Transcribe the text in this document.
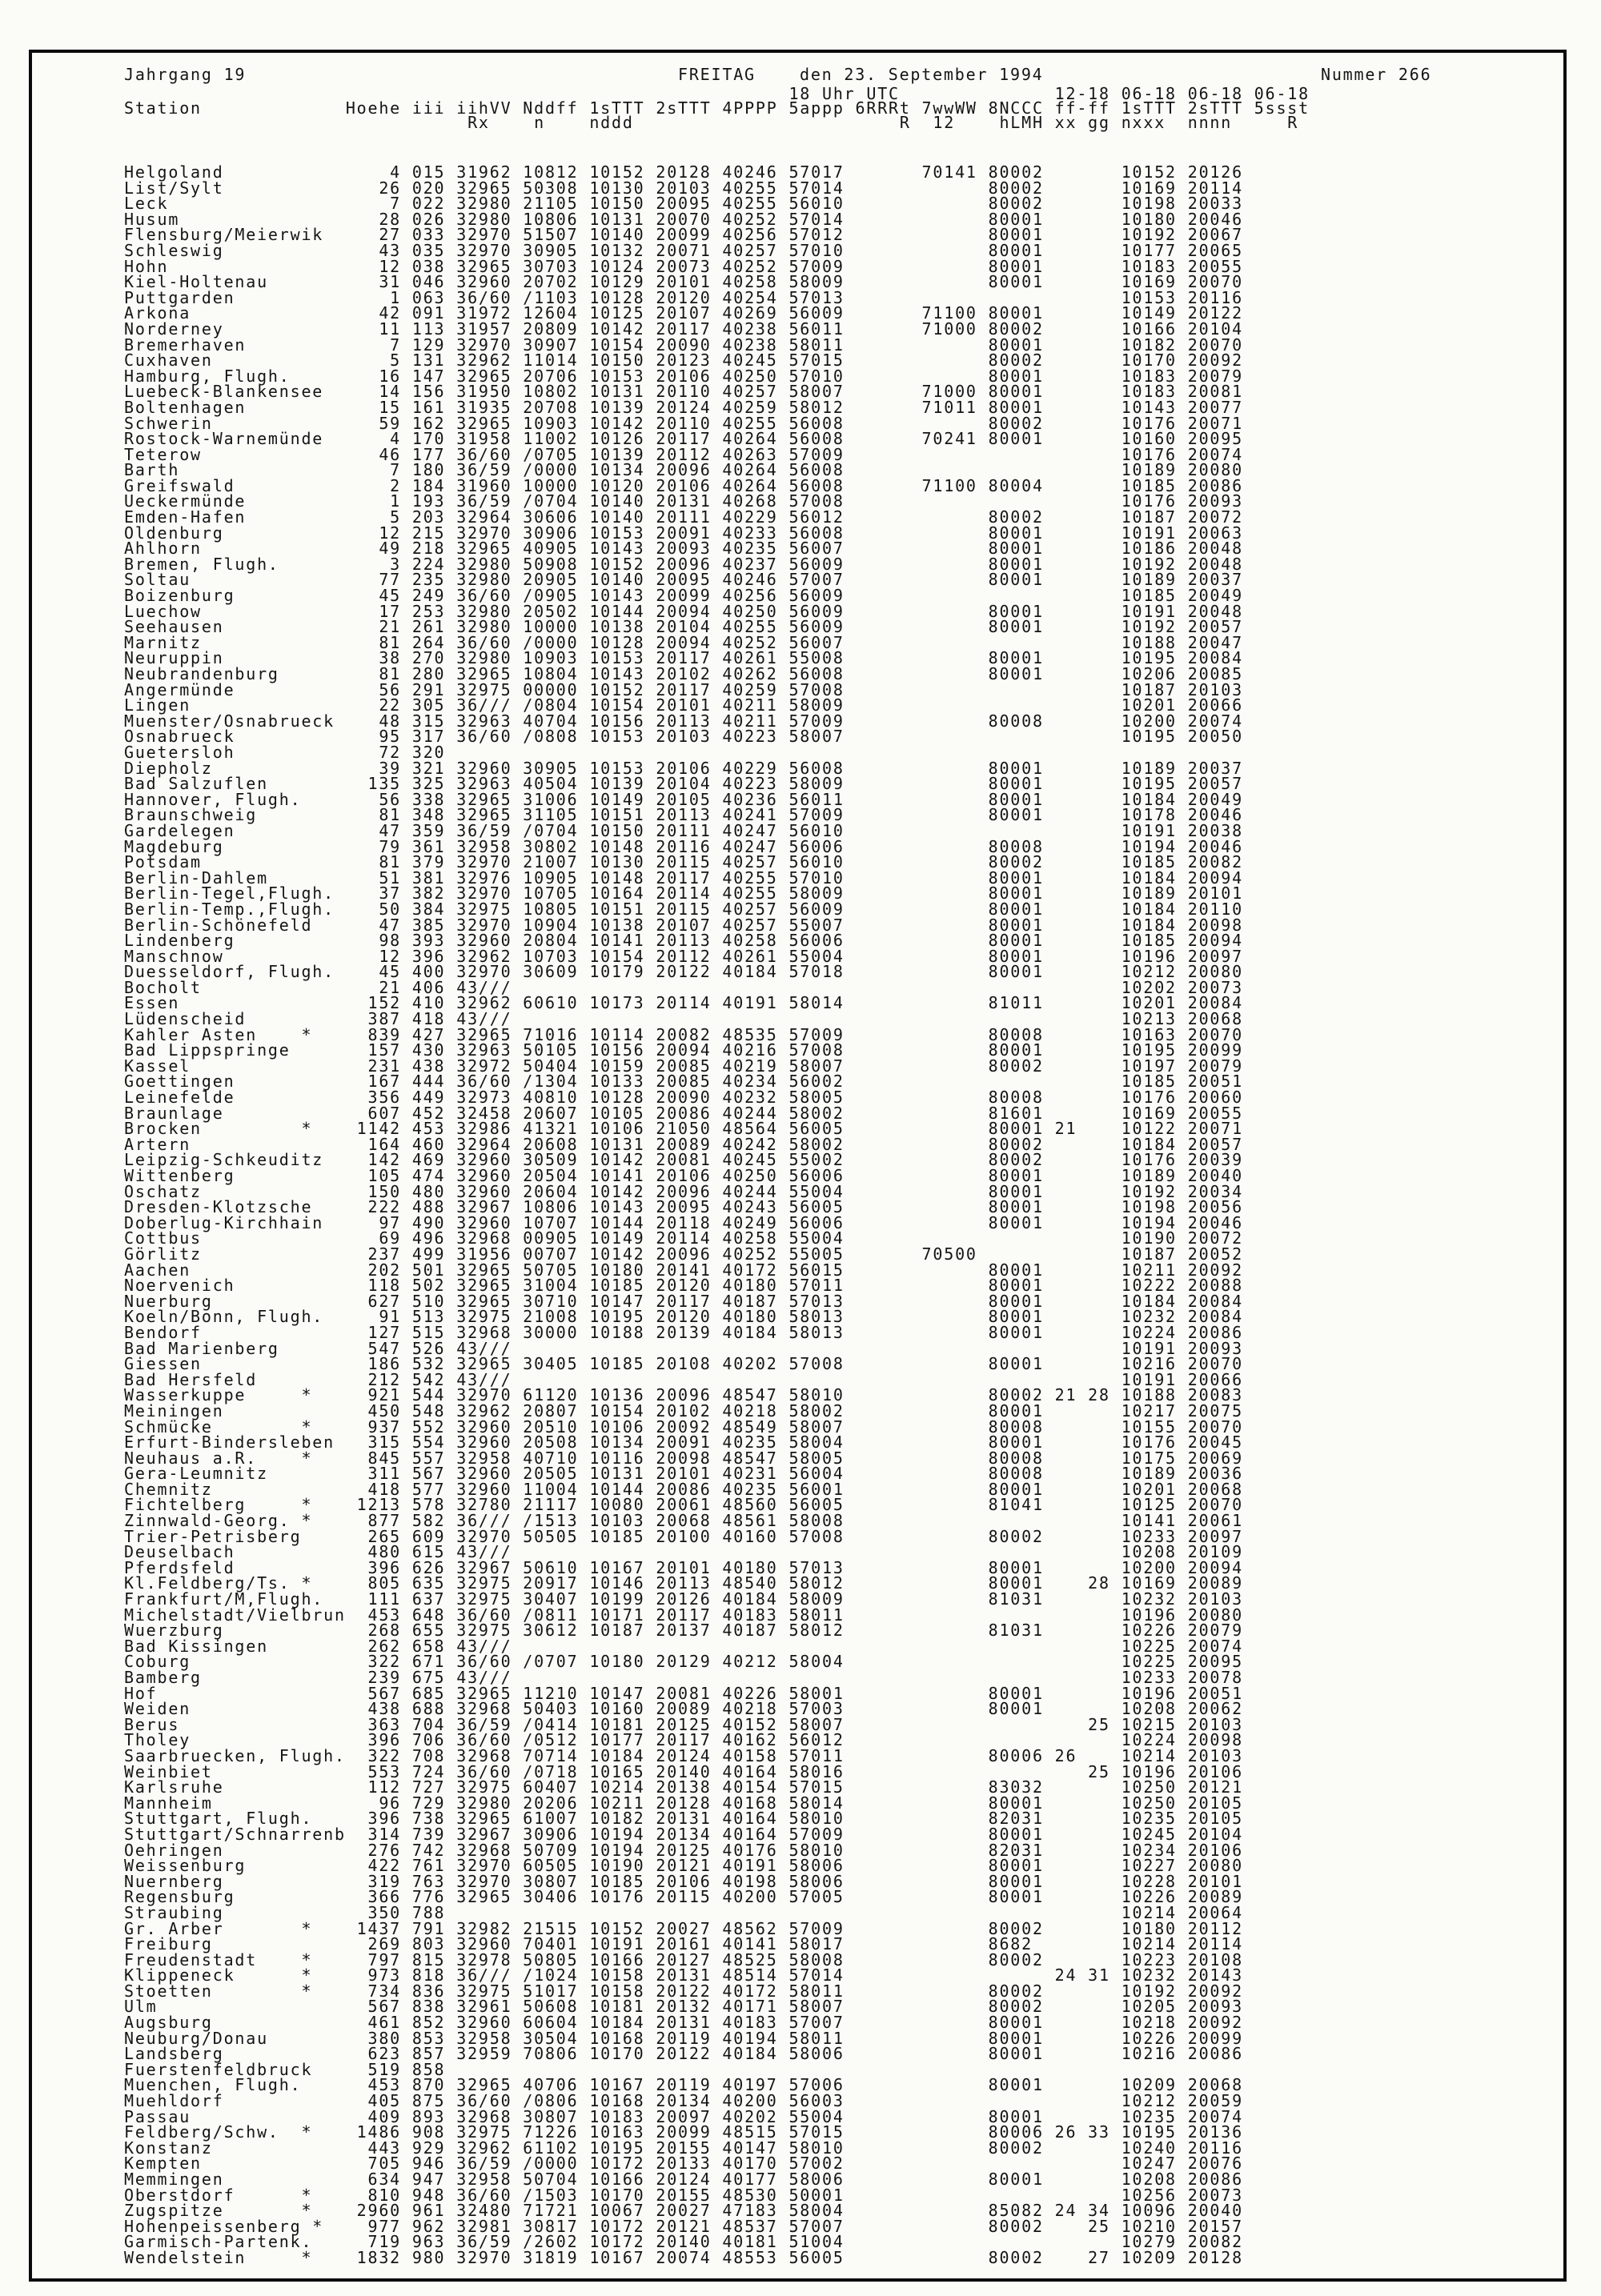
Jahrgang 19	FREITAG	den 23. September 1994	Nummer 266
18 Uhr UTC              12-18 06-18 06-18 06-18
Station             Hoehe iii iihVV Nddff 1sTTT 2sTTT 4PPPP 5appp 6RRRt 7wwWW 8NCCC ff-ff 1sTTT 2sTTT 5ssst
Rx    n    nddd                        R  12    hLMH xx gg nxxx  nnnn     R
Helgoland               4 015 31962 10812 10152 20128 40246 57017       70141 80002       10152 20126
List/Sylt              26 020 32965 50308 10130 20103 40255 57014             80002       10169 20114
Leck                    7 022 32980 21105 10150 20095 40255 56010             80002       10198 20033
Husum                  28 026 32980 10806 10131 20070 40252 57014             80001       10180 20046
Flensburg/Meierwik     27 033 32970 51507 10140 20099 40256 57012             80001       10192 20067
Schleswig              43 035 32970 30905 10132 20071 40257 57010             80001       10177 20065
Hohn                   12 038 32965 30703 10124 20073 40252 57009             80001       10183 20055
Kiel-Holtenau          31 046 32960 20702 10129 20101 40258 58009             80001       10169 20070
Puttgarden              1 063 36/60 /1103 10128 20120 40254 57013                         10153 20116
Arkona                 42 091 31972 12604 10125 20107 40269 56009       71100 80001       10149 20122
Norderney              11 113 31957 20809 10142 20117 40238 56011       71000 80002       10166 20104
Bremerhaven             7 129 32970 30907 10154 20090 40238 58011             80001       10182 20070
Cuxhaven                5 131 32962 11014 10150 20123 40245 57015             80002       10170 20092
Hamburg, Flugh.        16 147 32965 20706 10153 20106 40250 57010             80001       10183 20079
Luebeck-Blankensee     14 156 31950 10802 10131 20110 40257 58007       71000 80001       10183 20081
Boltenhagen            15 161 31935 20708 10139 20124 40259 58012       71011 80001       10143 20077
Schwerin               59 162 32965 10903 10142 20110 40255 56008             80002       10176 20071
Rostock-Warnemünde      4 170 31958 11002 10126 20117 40264 56008       70241 80001       10160 20095
Teterow                46 177 36/60 /0705 10139 20112 40263 57009                         10176 20074
Barth                   7 180 36/59 /0000 10134 20096 40264 56008                         10189 20080
Greifswald              2 184 31960 10000 10120 20106 40264 56008       71100 80004       10185 20086
Ueckermünde             1 193 36/59 /0704 10140 20131 40268 57008                         10176 20093
Emden-Hafen             5 203 32964 30606 10140 20111 40229 56012             80002       10187 20072
Oldenburg              12 215 32970 30906 10153 20091 40233 56008             80001       10191 20063
Ahlhorn                49 218 32965 40905 10143 20093 40235 56007             80001       10186 20048
Bremen, Flugh.          3 224 32980 50908 10152 20096 40237 56009             80001       10192 20048
Soltau                 77 235 32980 20905 10140 20095 40246 57007             80001       10189 20037
Boizenburg             45 249 36/60 /0905 10143 20099 40256 56009                         10185 20049
Luechow                17 253 32980 20502 10144 20094 40250 56009             80001       10191 20048
Seehausen              21 261 32980 10000 10138 20104 40255 56009             80001       10192 20057
Marnitz                81 264 36/60 /0000 10128 20094 40252 56007                         10188 20047
Neuruppin              38 270 32980 10903 10153 20117 40261 55008             80001       10195 20084
Neubrandenburg         81 280 32965 10804 10143 20102 40262 56008             80001       10206 20085
Angermünde             56 291 32975 00000 10152 20117 40259 57008                         10187 20103
Lingen                 22 305 36/// /0804 10154 20101 40211 58009                         10201 20066
Muenster/Osnabrueck    48 315 32963 40704 10156 20113 40211 57009             80008       10200 20074
Osnabrueck             95 317 36/60 /0808 10153 20103 40223 58007                         10195 20050
Guetersloh             72 320
Diepholz               39 321 32960 30905 10153 20106 40229 56008             80001       10189 20037
Bad Salzuflen         135 325 32963 40504 10139 20104 40223 58009             80001       10195 20057
Hannover, Flugh.       56 338 32965 31006 10149 20105 40236 56011             80001       10184 20049
Braunschweig           81 348 32965 31105 10151 20113 40241 57009             80001       10178 20046
Gardelegen             47 359 36/59 /0704 10150 20111 40247 56010                         10191 20038
Magdeburg              79 361 32958 30802 10148 20116 40247 56006             80008       10194 20046
Potsdam                81 379 32970 21007 10130 20115 40257 56010             80002       10185 20082
Berlin-Dahlem          51 381 32976 10905 10148 20117 40255 57010             80001       10184 20094
Berlin-Tegel,Flugh.    37 382 32970 10705 10164 20114 40255 58009             80001       10189 20101
Berlin-Temp.,Flugh.    50 384 32975 10805 10151 20115 40257 56009             80001       10184 20110
Berlin-Schönefeld      47 385 32970 10904 10138 20107 40257 55007             80001       10184 20098
Lindenberg             98 393 32960 20804 10141 20113 40258 56006             80001       10185 20094
Manschnow              12 396 32962 10703 10154 20112 40261 55004             80001       10196 20097
Duesseldorf, Flugh.    45 400 32970 30609 10179 20122 40184 57018             80001       10212 20080
Bocholt                21 406 43///                                                       10202 20073
Essen                 152 410 32962 60610 10173 20114 40191 58014             81011       10201 20084
Lüdenscheid           387 418 43///                                                       10213 20068
Kahler Asten    *     839 427 32965 71016 10114 20082 48535 57009             80008       10163 20070
Bad Lippspringe       157 430 32963 50105 10156 20094 40216 57008             80001       10195 20099
Kassel                231 438 32972 50404 10159 20085 40219 58007             80002       10197 20079
Goettingen            167 444 36/60 /1304 10133 20085 40234 56002                         10185 20051
Leinefelde            356 449 32973 40810 10128 20090 40232 58005             80008       10176 20060
Braunlage             607 452 32458 20607 10105 20086 40244 58002             81601       10169 20055
Brocken         *    1142 453 32986 41321 10106 21050 48564 56005             80001 21    10122 20071
Artern                164 460 32964 20608 10131 20089 40242 58002             80002       10184 20057
Leipzig-Schkeuditz    142 469 32960 30509 10142 20081 40245 55002             80002       10176 20039
Wittenberg            105 474 32960 20504 10141 20106 40250 56006             80001       10189 20040
Oschatz               150 480 32960 20604 10142 20096 40244 55004             80001       10192 20034
Dresden-Klotzsche     222 488 32967 10806 10143 20095 40243 56005             80001       10198 20056
Doberlug-Kirchhain     97 490 32960 10707 10144 20118 40249 56006             80001       10194 20046
Cottbus                69 496 32968 00905 10149 20114 40258 55004                         10190 20072
Görlitz               237 499 31956 00707 10142 20096 40252 55005       70500             10187 20052
Aachen                202 501 32965 50705 10180 20141 40172 56015             80001       10211 20092
Noervenich            118 502 32965 31004 10185 20120 40180 57011             80001       10222 20088
Nuerburg              627 510 32965 30710 10147 20117 40187 57013             80001       10184 20084
Koeln/Bonn, Flugh.     91 513 32975 21008 10195 20120 40180 58013             80001       10232 20084
Bendorf               127 515 32968 30000 10188 20139 40184 58013             80001       10224 20086
Bad Marienberg        547 526 43///                                                       10191 20093
Giessen               186 532 32965 30405 10185 20108 40202 57008             80001       10216 20070
Bad Hersfeld          212 542 43///                                                       10191 20066
Wasserkuppe     *     921 544 32970 61120 10136 20096 48547 58010             80002 21 28 10188 20083
Meiningen             450 548 32962 20807 10154 20102 40218 58002             80001       10217 20075
Schmücke        *     937 552 32960 20510 10106 20092 48549 58007             80008       10155 20070
Erfurt-Bindersleben   315 554 32960 20508 10134 20091 40235 58004             80001       10176 20045
Neuhaus a.R.    *     845 557 32958 40710 10116 20098 48547 58005             80008       10175 20069
Gera-Leumnitz         311 567 32960 20505 10131 20101 40231 56004             80008       10189 20036
Chemnitz              418 577 32960 11004 10144 20086 40235 56001             80001       10201 20068
Fichtelberg     *    1213 578 32780 21117 10080 20061 48560 56005             81041       10125 20070
Zinnwald-Georg. *     877 582 36/// /1513 10103 20068 48561 58008                         10141 20061
Trier-Petrisberg      265 609 32970 50505 10185 20100 40160 57008             80002       10233 20097
Deuselbach            480 615 43///                                                       10208 20109
Pferdsfeld            396 626 32967 50610 10167 20101 40180 57013             80001       10200 20094
Kl.Feldberg/Ts. *     805 635 32975 20917 10146 20113 48540 58012             80001    28 10169 20089
Frankfurt/M,Flugh.    111 637 32975 30407 10199 20126 40184 58009             81031       10232 20103
Michelstadt/Vielbrun  453 648 36/60 /0811 10171 20117 40183 58011                         10196 20080
Wuerzburg             268 655 32975 30612 10187 20137 40187 58012             81031       10226 20079
Bad Kissingen         262 658 43///                                                       10225 20074
Coburg                322 671 36/60 /0707 10180 20129 40212 58004                         10225 20095
Bamberg               239 675 43///                                                       10233 20078
Hof                   567 685 32965 11210 10147 20081 40226 58001             80001       10196 20051
Weiden                438 688 32968 50403 10160 20089 40218 57003             80001       10208 20062
Berus                 363 704 36/59 /0414 10181 20125 40152 58007                      25 10215 20103
Tholey                396 706 36/60 /0512 10177 20117 40162 56012                         10224 20098
Saarbruecken, Flugh.  322 708 32968 70714 10184 20124 40158 57011             80006 26    10214 20103
Weinbiet              553 724 36/60 /0718 10165 20140 40164 58016                      25 10196 20106
Karlsruhe             112 727 32975 60407 10214 20138 40154 57015             83032       10250 20121
Mannheim               96 729 32980 20206 10211 20128 40168 58014             80001       10250 20105
Stuttgart, Flugh.     396 738 32965 61007 10182 20131 40164 58010             82031       10235 20105
Stuttgart/Schnarrenb  314 739 32967 30906 10194 20134 40164 57009             80001       10245 20104
Oehringen             276 742 32968 50709 10194 20125 40176 58010             82031       10234 20106
Weissenburg           422 761 32970 60505 10190 20121 40191 58006             80001       10227 20080
Nuernberg             319 763 32970 30807 10185 20106 40198 58006             80001       10228 20101
Regensburg            366 776 32965 30406 10176 20115 40200 57005             80001       10226 20089
Straubing             350 788                                                             10214 20064
Gr. Arber       *    1437 791 32982 21515 10152 20027 48562 57009             80002       10180 20112
Freiburg              269 803 32960 70401 10191 20161 40141 58017             8682        10214 20114
Freudenstadt    *     797 815 32978 50805 10166 20127 48525 58008             80002       10223 20108
Klippeneck      *     973 818 36/// /1024 10158 20131 48514 57014                   24 31 10232 20143
Stoetten        *     734 836 32975 51017 10158 20122 40172 58011             80002       10192 20092
Ulm                   567 838 32961 50608 10181 20132 40171 58007             80002       10205 20093
Augsburg              461 852 32960 60604 10184 20131 40183 57007             80001       10218 20092
Neuburg/Donau         380 853 32958 30504 10168 20119 40194 58011             80001       10226 20099
Landsberg             623 857 32959 70806 10170 20122 40184 58006             80001       10216 20086
Fuerstenfeldbruck     519 858
Muenchen, Flugh.      453 870 32965 40706 10167 20119 40197 57006             80001       10209 20068
Muehldorf             405 875 36/60 /0806 10168 20134 40200 56003                         10212 20059
Passau                409 893 32968 30807 10183 20097 40202 55004             80001       10235 20074
Feldberg/Schw.  *    1486 908 32975 71226 10163 20099 48515 57015             80006 26 33 10195 20136
Konstanz              443 929 32962 61102 10195 20155 40147 58010             80002       10240 20116
Kempten               705 946 36/59 /0000 10172 20133 40170 57002                         10247 20076
Memmingen             634 947 32958 50704 10166 20124 40177 58006             80001       10208 20086
Oberstdorf      *     810 948 36/60 /1503 10170 20155 48530 50001                         10256 20073
Zugspitze       *    2960 961 32480 71721 10067 20027 47183 58004             85082 24 34 10096 20040
Hohenpeissenberg *    977 962 32981 30817 10172 20121 48537 57007             80002    25 10210 20157
Garmisch-Partenk.     719 963 36/59 /2602 10172 20140 40181 51004                         10279 20082
Wendelstein     *    1832 980 32970 31819 10167 20074 48553 56005             80002    27 10209 20128
